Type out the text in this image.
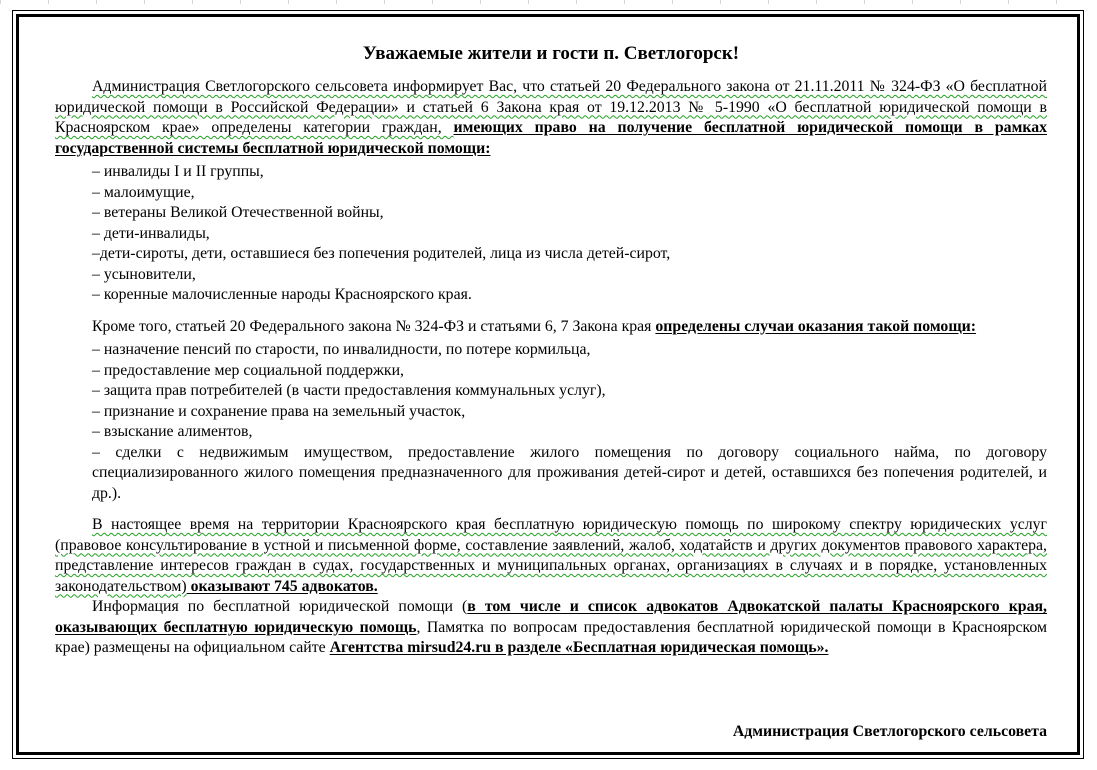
Уважаемые жители и гости п. Светлогорск!

Администрация Светлогорского сельсовета информирует Вас, что статьей 20 Федерального закона от 21.11.2011 № 324-ФЗ «О бесплатной юридической помощи в Российской Федерации» и статьей 6 Закона края от 19.12.2013 № 5-1990 «О бесплатной юридической помощи в Красноярском крае» определены категории граждан, имеющих право на получение бесплатной юридической помощи в рамках государственной системы бесплатной юридической помощи:

– инвалиды I и II группы,
– малоимущие,
– ветераны Великой Отечественной войны,
– дети-инвалиды,
–дети-сироты, дети, оставшиеся без попечения родителей, лица из числа детей-сирот,
– усыновители,
– коренные малочисленные народы Красноярского края.

Кроме того, статьей 20 Федерального закона № 324-ФЗ и статьями 6, 7 Закона края определены случаи оказания такой помощи:

– назначение пенсий по старости, по инвалидности, по потере кормильца,
– предоставление мер социальной поддержки,
– защита прав потребителей (в части предоставления коммунальных услуг),
– признание и сохранение права на земельный участок,
– взыскание алиментов,
– сделки с недвижимым имуществом, предоставление жилого помещения по договору социального найма, по договору специализированного жилого помещения предназначенного для проживания детей-сирот и детей, оставшихся без попечения родителей, и др.).

В настоящее время на территории Красноярского края бесплатную юридическую помощь по широкому спектру юридических услуг (правовое консультирование в устной и письменной форме, составление заявлений, жалоб, ходатайств и других документов правового характера, представление интересов граждан в судах, государственных и муниципальных органах, организациях в случаях и в порядке, установленных законодательством) оказывают 745 адвокатов.

Информация по бесплатной юридической помощи (в том числе и список адвокатов Адвокатской палаты Красноярского края, оказывающих бесплатную юридическую помощь, Памятка по вопросам предоставления бесплатной юридической помощи в Красноярском крае) размещены на официальном сайте Агентства mirsud24.ru в разделе «Бесплатная юридическая помощь».

Администрация Светлогорского сельсовета
